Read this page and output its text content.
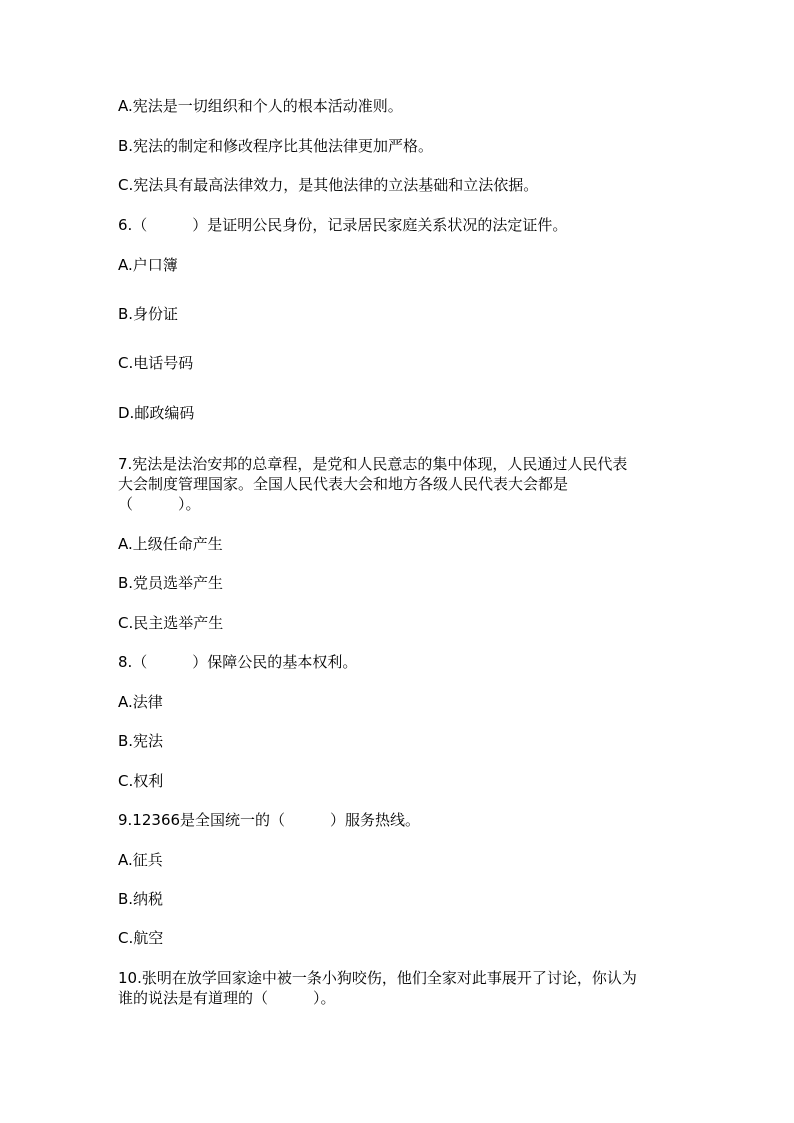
A.宪法是一切组织和个人的根本活动准则。
B.宪法的制定和修改程序比其他法律更加严格。
C.宪法具有最高法律效力，是其他法律的立法基础和立法依据。
6.（　　　）是证明公民身份，记录居民家庭关系状况的法定证件。
A.户口簿
B.身份证
C.电话号码
D.邮政编码
7.宪法是法治安邦的总章程，是党和人民意志的集中体现，人民通过人民代表
大会制度管理国家。全国人民代表大会和地方各级人民代表大会都是
（　　　）。
A.上级任命产生
B.党员选举产生
C.民主选举产生
8.（　　　）保障公民的基本权利。
A.法律
B.宪法
C.权利
9.12366是全国统一的（　　　）服务热线。
A.征兵
B.纳税
C.航空
10.张明在放学回家途中被一条小狗咬伤，他们全家对此事展开了讨论，你认为
谁的说法是有道理的（　　　）。
